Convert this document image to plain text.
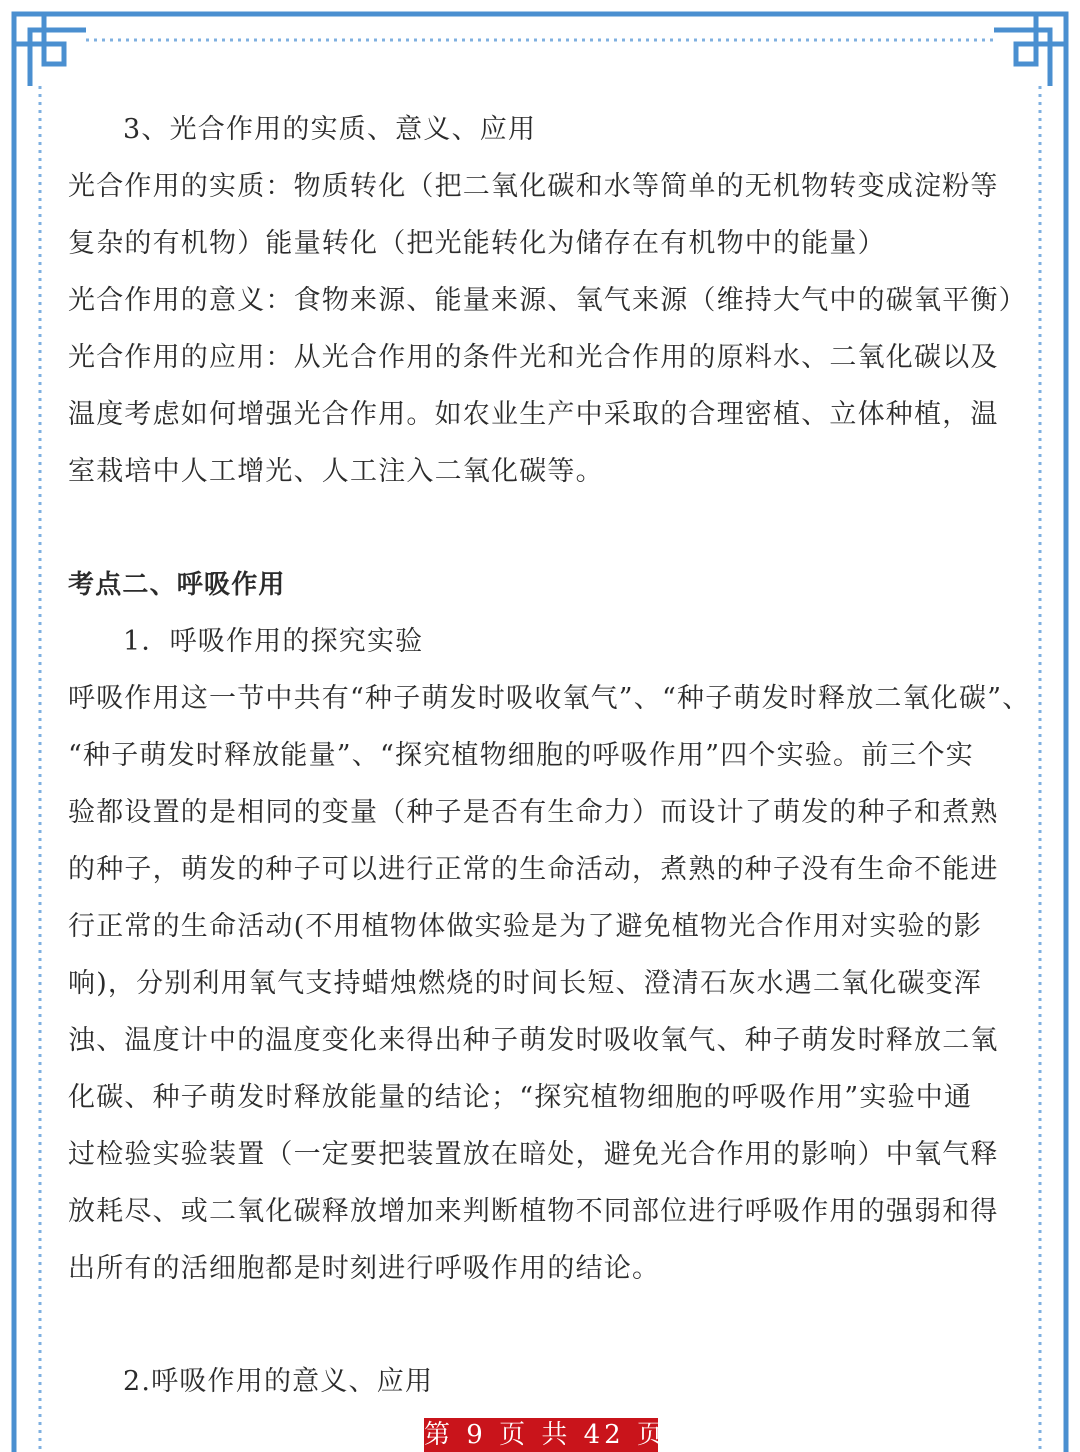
3、光合作用的实质、意义、应用
光合作用的实质：物质转化（把二氧化碳和水等简单的无机物转变成淀粉等
复杂的有机物）能量转化（把光能转化为储存在有机物中的能量）
光合作用的意义：食物来源、能量来源、氧气来源（维持大气中的碳氧平衡）
光合作用的应用：从光合作用的条件光和光合作用的原料水、二氧化碳以及
温度考虑如何增强光合作用。如农业生产中采取的合理密植、立体种植，温
室栽培中人工增光、人工注入二氧化碳等。
考点二、呼吸作用
1．呼吸作用的探究实验
呼吸作用这一节中共有“种子萌发时吸收氧气”、“种子萌发时释放二氧化碳”、
“种子萌发时释放能量”、“探究植物细胞的呼吸作用”四个实验。前三个实
验都设置的是相同的变量（种子是否有生命力）而设计了萌发的种子和煮熟
的种子，萌发的种子可以进行正常的生命活动，煮熟的种子没有生命不能进
行正常的生命活动(不用植物体做实验是为了避免植物光合作用对实验的影
响)，分别利用氧气支持蜡烛燃烧的时间长短、澄清石灰水遇二氧化碳变浑
浊、温度计中的温度变化来得出种子萌发时吸收氧气、种子萌发时释放二氧
化碳、种子萌发时释放能量的结论；“探究植物细胞的呼吸作用”实验中通
过检验实验装置（一定要把装置放在暗处，避免光合作用的影响）中氧气释
放耗尽、或二氧化碳释放增加来判断植物不同部位进行呼吸作用的强弱和得
出所有的活细胞都是时刻进行呼吸作用的结论。
2.呼吸作用的意义、应用
第 9 页 共 42 页
